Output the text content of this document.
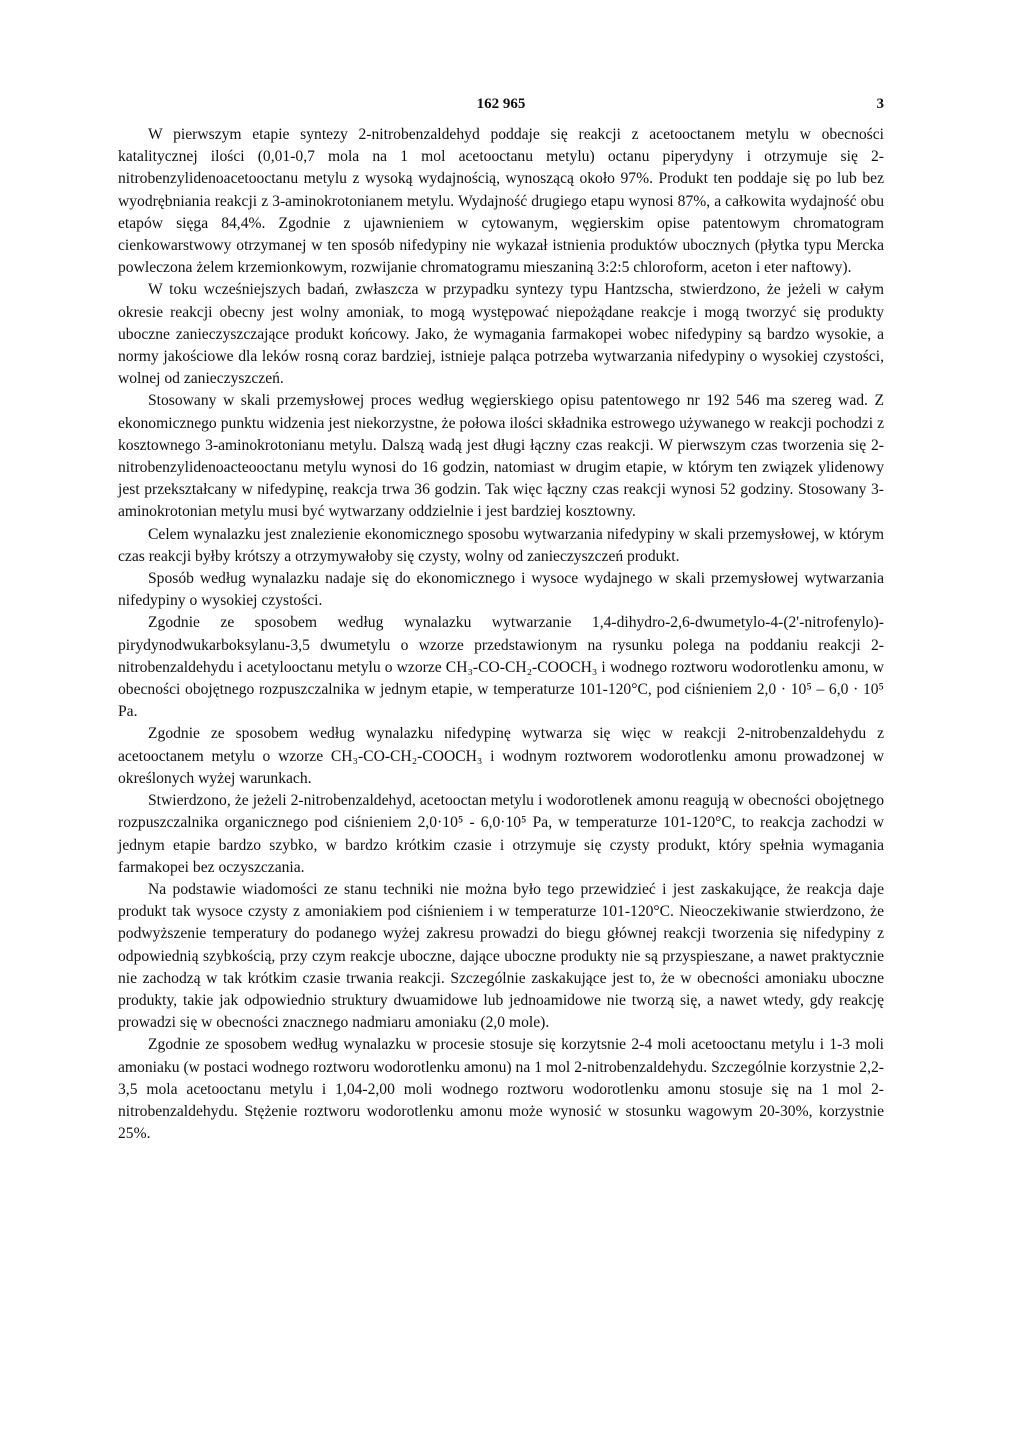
162 965	3

W pierwszym etapie syntezy 2-nitrobenzaldehyd poddaje się reakcji z acetooctanem metylu w obecności katalitycznej ilości (0,01-0,7 mola na 1 mol acetooctanu metylu) octanu piperydyny i otrzymuje się 2-nitrobenzylidenoacetooctanu metylu z wysoką wydajnością, wynoszącą około 97%. Produkt ten poddaje się po lub bez wyodrębniania reakcji z 3-aminokrotonianem metylu. Wydajność drugiego etapu wynosi 87%, a całkowita wydajność obu etapów sięga 84,4%. Zgodnie z ujawnieniem w cytowanym, węgierskim opise patentowym chromatogram cienkowarstwowy otrzymanej w ten sposób nifedypiny nie wykazał istnienia produktów ubocznych (płytka typu Mercka powleczona żelem krzemionkowym, rozwijanie chromatogramu mieszaniną 3:2:5 chloroform, aceton i eter naftowy).

W toku wcześniejszych badań, zwłaszcza w przypadku syntezy typu Hantzscha, stwierdzono, że jeżeli w całym okresie reakcji obecny jest wolny amoniak, to mogą występować niepożądane reakcje i mogą tworzyć się produkty uboczne zanieczyszczające produkt końcowy. Jako, że wymagania farmakopei wobec nifedypiny są bardzo wysokie, a normy jakościowe dla leków rosną coraz bardziej, istnieje paląca potrzeba wytwarzania nifedypiny o wysokiej czystości, wolnej od zanieczyszczeń.

Stosowany w skali przemysłowej proces według węgierskiego opisu patentowego nr 192 546 ma szereg wad. Z ekonomicznego punktu widzenia jest niekorzystne, że połowa ilości składnika estrowego używanego w reakcji pochodzi z kosztownego 3-aminokrotonianu metylu. Dalszą wadą jest długi łączny czas reakcji. W pierwszym czas tworzenia się 2-nitrobenzylidenoacteooctanu metylu wynosi do 16 godzin, natomiast w drugim etapie, w którym ten związek ylidenowy jest przekształcany w nifedypinę, reakcja trwa 36 godzin. Tak więc łączny czas reakcji wynosi 52 godziny. Stosowany 3-aminokrotonian metylu musi być wytwarzany oddzielnie i jest bardziej kosztowny.

Celem wynalazku jest znalezienie ekonomicznego sposobu wytwarzania nifedypiny w skali przemysłowej, w którym czas reakcji byłby krótszy a otrzymywałoby się czysty, wolny od zanieczyszczeń produkt.

Sposób według wynalazku nadaje się do ekonomicznego i wysoce wydajnego w skali przemysłowej wytwarzania nifedypiny o wysokiej czystości.

Zgodnie ze sposobem według wynalazku wytwarzanie 1,4-dihydro-2,6-dwumetylo-4-(2'-nitrofenylo)-pirydynodwukarboksylanu-3,5 dwumetylu o wzorze przedstawionym na rysunku polega na poddaniu reakcji 2-nitrobenzaldehydu i acetylooctanu metylu o wzorze CH₃-CO-CH₂-COOCH₃ i wodnego roztworu wodorotlenku amonu, w obecności obojętnego rozpuszczalnika w jednym etapie, w temperaturze 101-120°C, pod ciśnieniem 2,0 · 10⁵ – 6,0 · 10⁵ Pa.

Zgodnie ze sposobem według wynalazku nifedypinę wytwarza się więc w reakcji 2-nitrobenzaldehydu z acetooctanem metylu o wzorze CH₃-CO-CH₂-COOCH₃ i wodnym roztworem wodorotlenku amonu prowadzonej w określonych wyżej warunkach.

Stwierdzono, że jeżeli 2-nitrobenzaldehyd, acetooctan metylu i wodorotlenek amonu reagują w obecności obojętnego rozpuszczalnika organicznego pod ciśnieniem 2,0·10⁵ - 6,0·10⁵ Pa, w temperaturze 101-120°C, to reakcja zachodzi w jednym etapie bardzo szybko, w bardzo krótkim czasie i otrzymuje się czysty produkt, który spełnia wymagania farmakopei bez oczyszczania.

Na podstawie wiadomości ze stanu techniki nie można było tego przewidzieć i jest zaskakujące, że reakcja daje produkt tak wysoce czysty z amoniakiem pod ciśnieniem i w temperaturze 101-120°C. Nieoczekiwanie stwierdzono, że podwyższenie temperatury do podanego wyżej zakresu prowadzi do biegu głównej reakcji tworzenia się nifedypiny z odpowiednią szybkością, przy czym reakcje uboczne, dające uboczne produkty nie są przyspieszane, a nawet praktycznie nie zachodzą w tak krótkim czasie trwania reakcji. Szczególnie zaskakujące jest to, że w obecności amoniaku uboczne produkty, takie jak odpowiednio struktury dwuamidowe lub jednoamidowe nie tworzą się, a nawet wtedy, gdy reakcję prowadzi się w obecności znacznego nadmiaru amoniaku (2,0 mole).

Zgodnie ze sposobem według wynalazku w procesie stosuje się korzytsnie 2-4 moli acetooctanu metylu i 1-3 moli amoniaku (w postaci wodnego roztworu wodorotlenku amonu) na 1 mol 2-nitrobenzaldehydu. Szczególnie korzystnie 2,2-3,5 mola acetooctanu metylu i 1,04-2,00 moli wodnego roztworu wodorotlenku amonu stosuje się na 1 mol 2-nitrobenzaldehydu. Stężenie roztworu wodorotlenku amonu może wynosić w stosunku wagowym 20-30%, korzystnie 25%.
